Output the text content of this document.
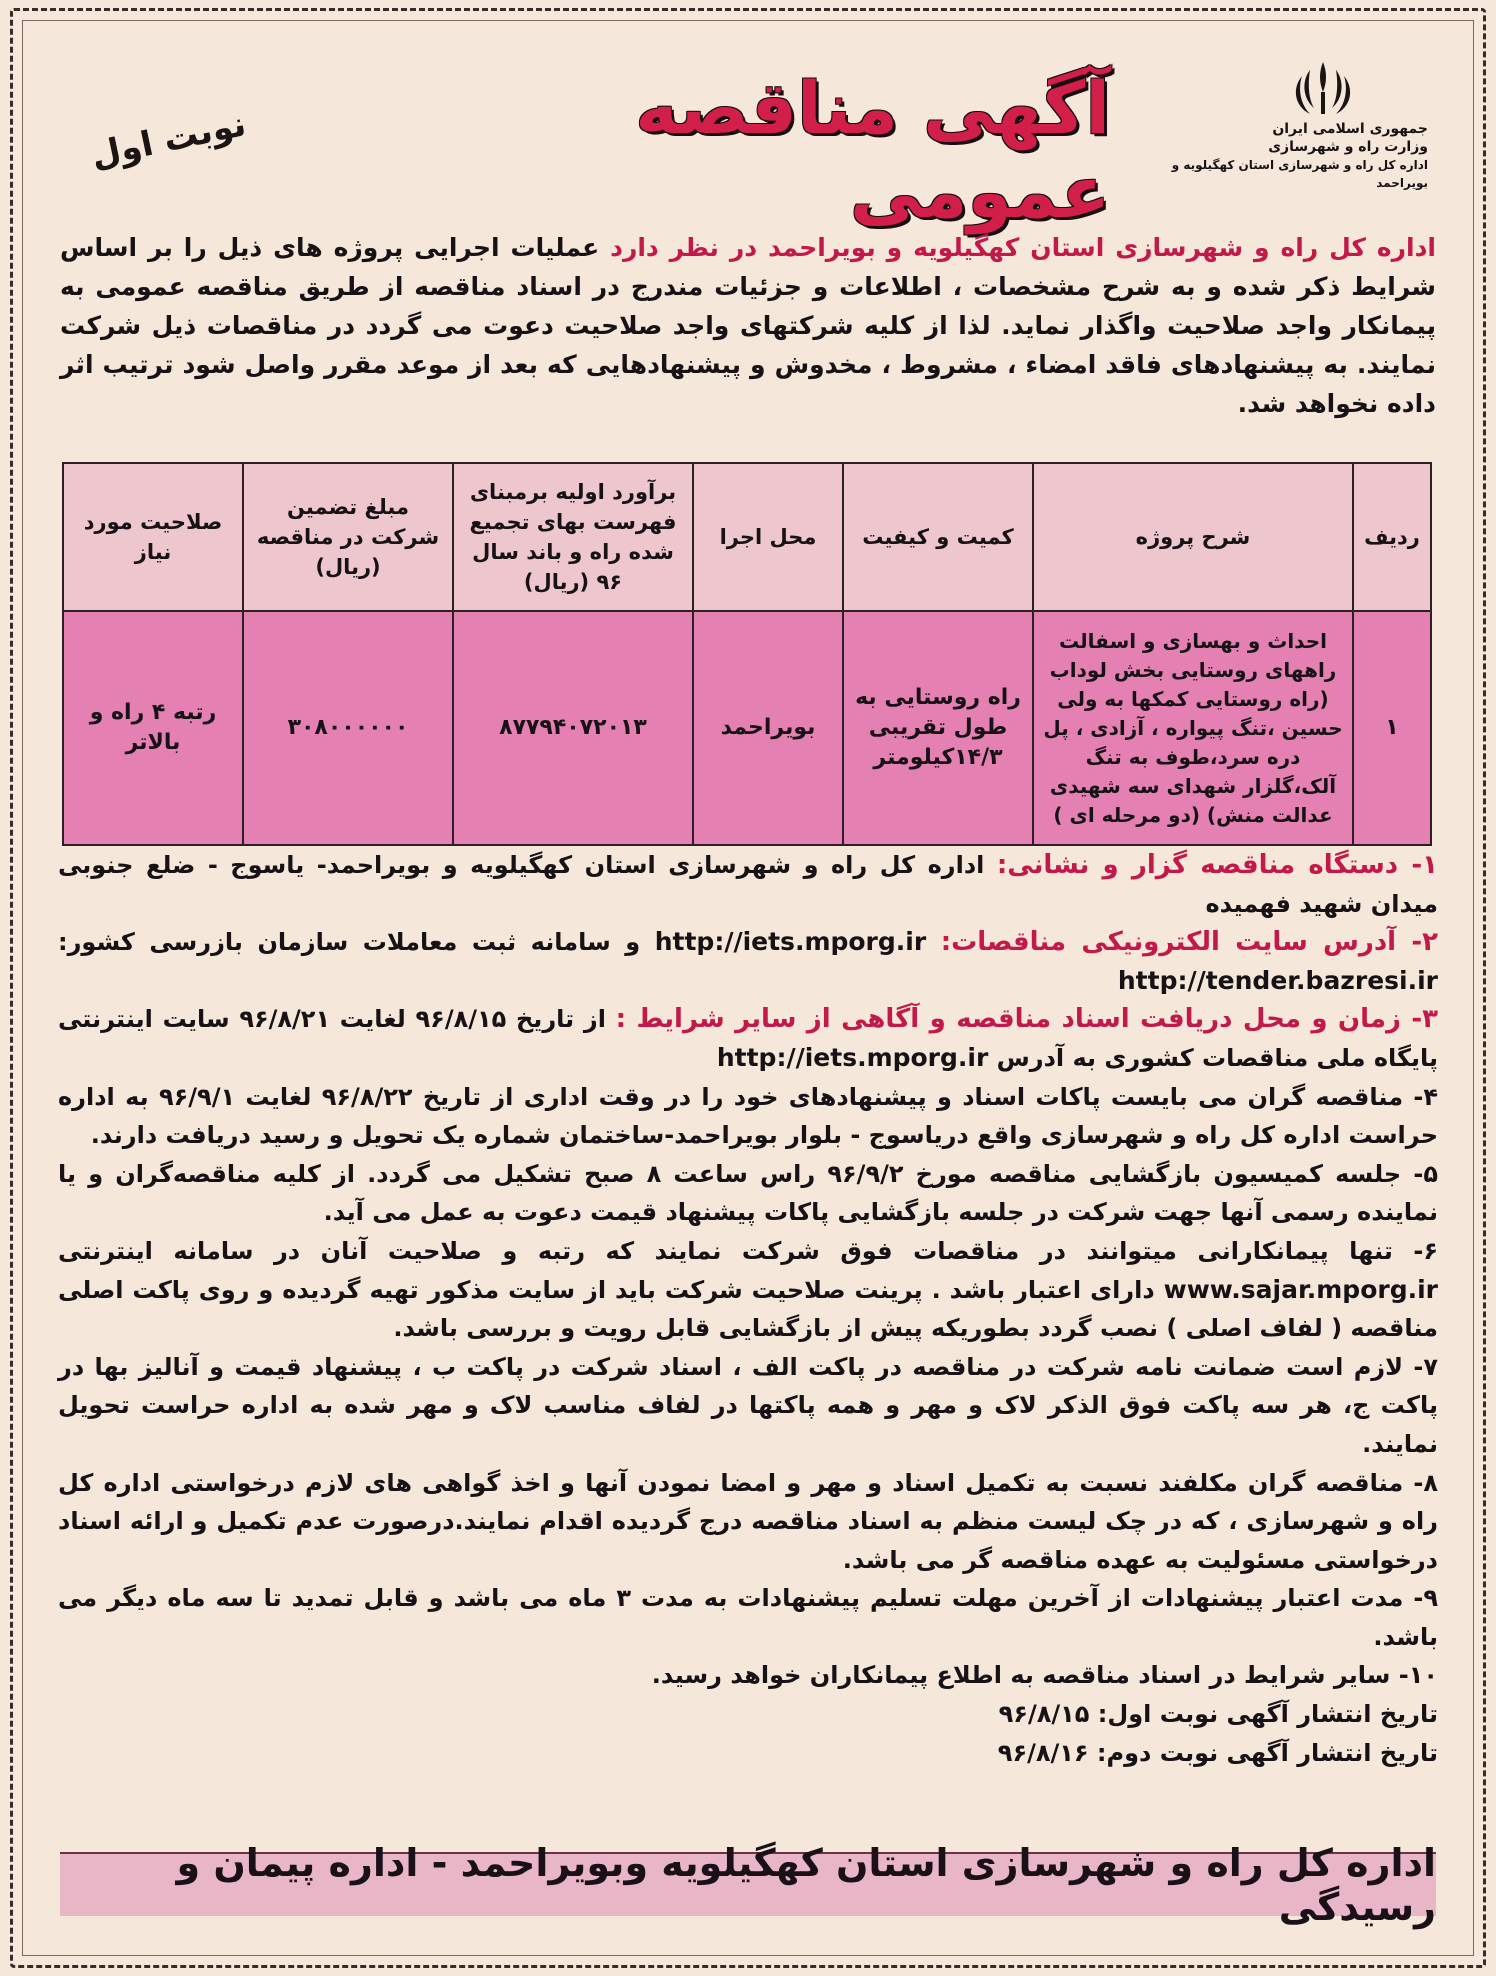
جمهوری اسلامی ایران
وزارت راه و شهرسازی
اداره کل راه و شهرسازی استان کهگیلویه و بویراحمد
آگهی مناقصه عمومی
نوبت اول
اداره کل راه و شهرسازی استان کهگیلویه و بویراحمد در نظر دارد عملیات اجرایی پروژه های ذیل را بر اساس شرایط ذکر شده و به شرح مشخصات ، اطلاعات و جزئیات مندرج در اسناد مناقصه از طریق مناقصه عمومی به پیمانکار واجد صلاحیت واگذار نماید. لذا از کلیه شرکتهای واجد صلاحیت دعوت می گردد در مناقصات ذیل شرکت نمایند. به پیشنهادهای فاقد امضاء ، مشروط ، مخدوش و پیشنهادهایی که بعد از موعد مقرر واصل شود ترتیب اثر داده نخواهد شد.
ردیف	شرح پروژه	کمیت و کیفیت	محل اجرا	برآورد اولیه برمبنای فهرست بهای تجمیع شده راه و باند سال ۹۶ (ریال)	مبلغ تضمین شرکت در مناقصه (ریال)	صلاحیت مورد نیاز
۱	احداث و بهسازی و اسفالت راههای روستایی بخش لوداب (راه روستایی کمکها به ولی حسین ،تنگ پیواره ، آزادی ، پل دره سرد،طوف به تنگ آلک،گلزار شهدای سه شهیدی عدالت منش) (دو مرحله ای )	راه روستایی به طول تقریبی ۱۴/۳کیلومتر	بویراحمد	۸۷۷۹۴۰۷۲۰۱۳	۳۰۸۰۰۰۰۰۰	رتبه ۴ راه و بالاتر

۱- دستگاه مناقصه گزار و نشانی: اداره کل راه و شهرسازی استان کهگیلویه و بویراحمد- یاسوج - ضلع جنوبی میدان شهید فهمیده

۲- آدرس سایت الکترونیکی مناقصات: http://iets.mporg.ir و سامانه ثبت معاملات سازمان بازرسی کشور: http://tender.bazresi.ir

۳- زمان و محل دریافت اسناد مناقصه و آگاهی از سایر شرایط : از تاریخ ۹۶/۸/۱۵ لغایت ۹۶/۸/۲۱ سایت اینترنتی پایگاه ملی مناقصات کشوری به آدرس http://iets.mporg.ir

۴- مناقصه گران می بایست پاکات اسناد و پیشنهادهای خود را در وقت اداری از تاریخ ۹۶/۸/۲۲ لغایت ۹۶/۹/۱ به اداره حراست اداره کل راه و شهرسازی واقع دریاسوج - بلوار بویراحمد-ساختمان شماره یک تحویل و رسید دریافت دارند.

۵- جلسه کمیسیون بازگشایی مناقصه مورخ ۹۶/۹/۲ راس ساعت ۸ صبح تشکیل می گردد. از کلیه مناقصه‌گران و یا نماینده رسمی آنها جهت شرکت در جلسه بازگشایی پاکات پیشنهاد قیمت دعوت به عمل می آید.

۶- تنها پیمانکارانی میتوانند در مناقصات فوق شرکت نمایند که رتبه و صلاحیت آنان در سامانه اینترنتی www.sajar.mporg.ir دارای اعتبار باشد . پرینت صلاحیت شرکت باید از سایت مذکور تهیه گردیده و روی پاکت اصلی مناقصه ( لفاف اصلی ) نصب گردد بطوریکه پیش از بازگشایی قابل رویت و بررسی باشد.

۷- لازم است ضمانت نامه شرکت در مناقصه در پاکت الف ، اسناد شرکت در پاکت ب ، پیشنهاد قیمت و آنالیز بها در پاکت ج، هر سه پاکت فوق الذکر لاک و مهر و همه پاکتها در لفاف مناسب لاک و مهر شده به اداره حراست تحویل نمایند.

۸- مناقصه گران مکلفند نسبت به تکمیل اسناد و مهر و امضا نمودن آنها و اخذ گواهی های لازم درخواستی اداره کل راه و شهرسازی ، که در چک لیست منظم به اسناد مناقصه درج گردیده اقدام نمایند.درصورت عدم تکمیل و ارائه اسناد درخواستی مسئولیت به عهده مناقصه گر می باشد.

۹- مدت اعتبار پیشنهادات از آخرین مهلت تسلیم پیشنهادات به مدت ۳ ماه می باشد و قابل تمدید تا سه ماه دیگر می باشد.

۱۰- سایر شرایط در اسناد مناقصه به اطلاع پیمانکاران خواهد رسید.

تاریخ انتشار آگهی نوبت اول: ۹۶/۸/۱۵

تاریخ انتشار آگهی نوبت دوم: ۹۶/۸/۱۶

اداره کل راه و شهرسازی استان کهگیلویه وبویراحمد - اداره پیمان و رسیدگی
